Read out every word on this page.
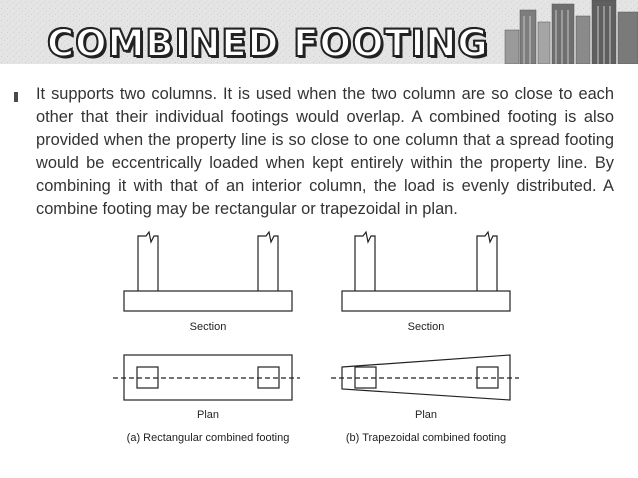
COMBINED FOOTING

It supports two columns. It is used when the two column are so close to each other that their individual footings would overlap. A combined footing is also provided when the property line is so close to one column that a spread footing would be eccentrically loaded when kept entirely within the property line. By combining it with that of an interior column, the load is evenly distributed. A combine footing may be rectangular or trapezoidal in plan.

Section
Plan
(a) Rectangular combined footing
Section
Plan
(b) Trapezoidal combined footing
